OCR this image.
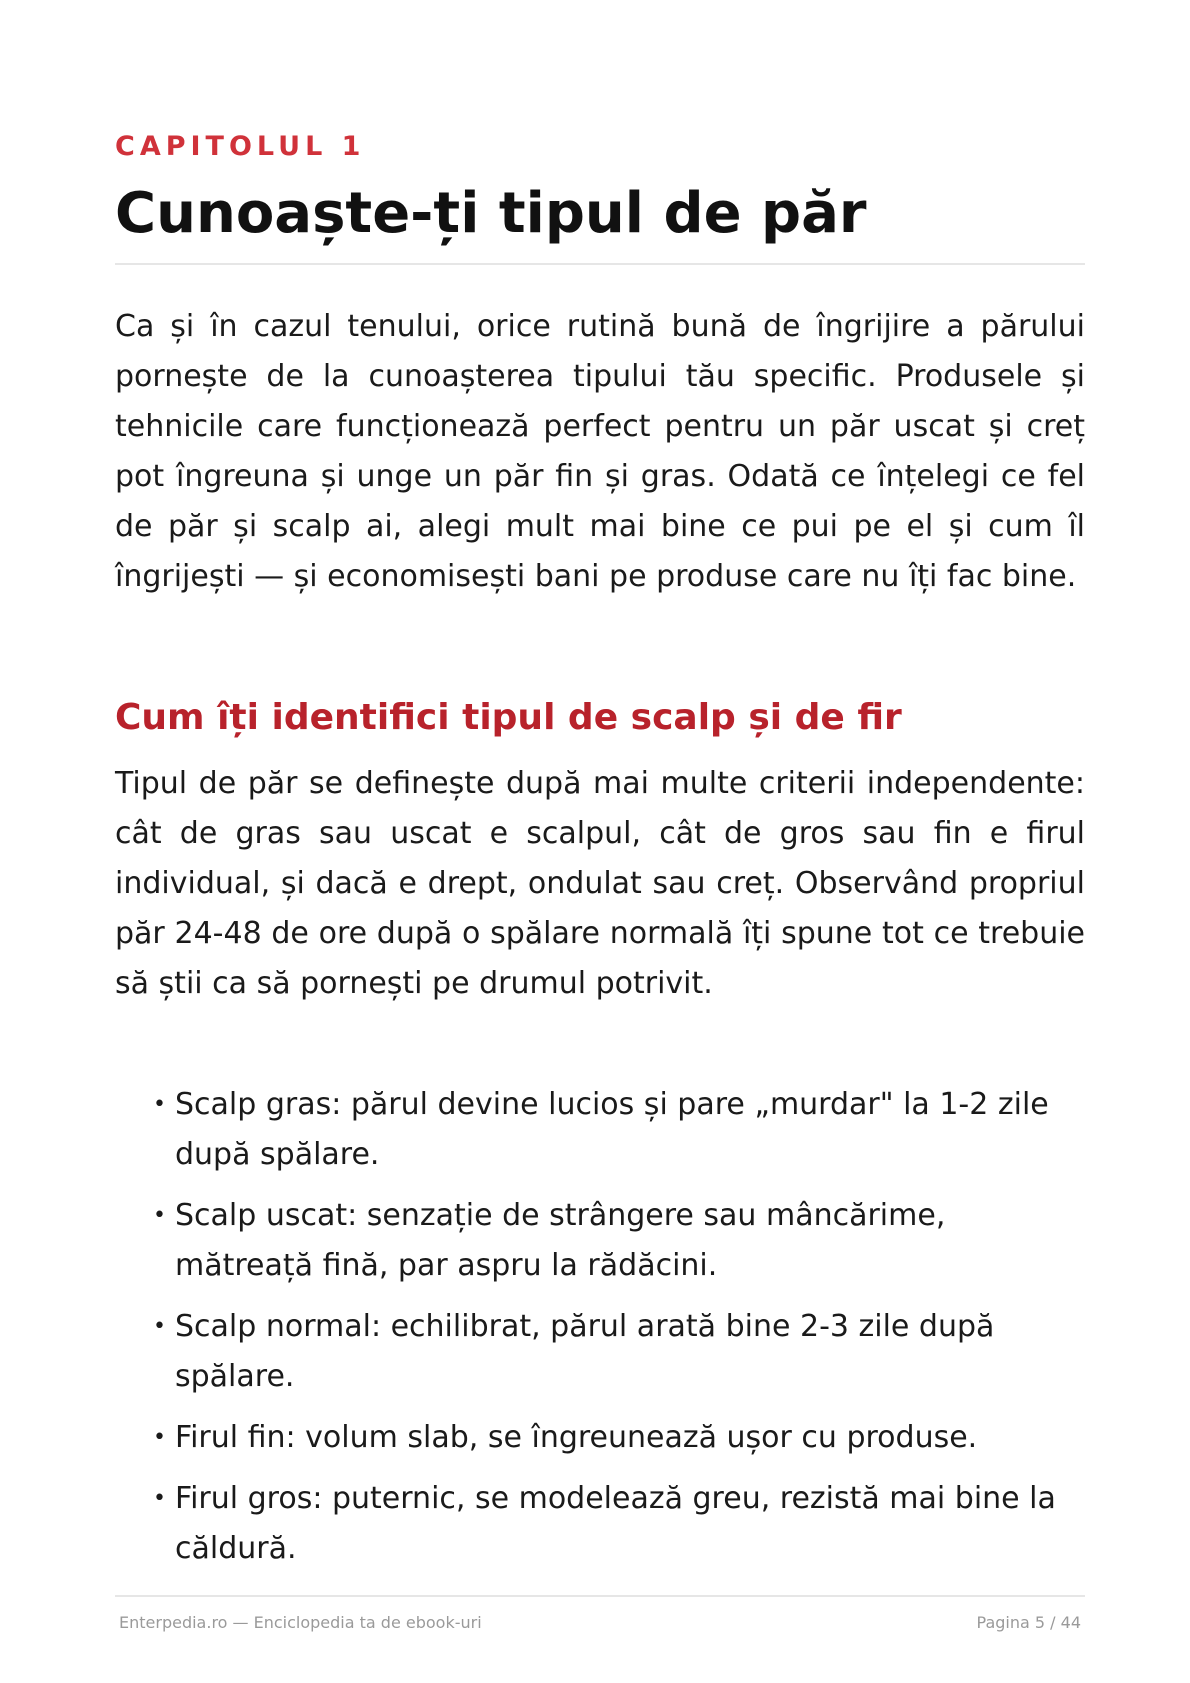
CAPITOLUL 1
Cunoaște-ți tipul de păr

Ca și în cazul tenului, orice rutină bună de îngrijire a părului pornește de la cunoașterea tipului tău specific. Produsele și tehnicile care funcționează perfect pentru un păr uscat și creț pot îngreuna și unge un păr fin și gras. Odată ce înțelegi ce fel de păr și scalp ai, alegi mult mai bine ce pui pe el și cum îl îngrijești — și economisești bani pe produse care nu îți fac bine.

Cum îți identifici tipul de scalp și de fir

Tipul de păr se definește după mai multe criterii independente: cât de gras sau uscat e scalpul, cât de gros sau fin e firul individual, și dacă e drept, ondulat sau creț. Observând propriul păr 24-48 de ore după o spălare normală îți spune tot ce trebuie să știi ca să pornești pe drumul potrivit.

• Scalp gras: părul devine lucios și pare „murdar" la 1-2 zile după spălare.
• Scalp uscat: senzație de strângere sau mâncărime, mătreață fină, par aspru la rădăcini.
• Scalp normal: echilibrat, părul arată bine 2-3 zile după spălare.
• Firul fin: volum slab, se îngreunează ușor cu produse.
• Firul gros: puternic, se modelează greu, rezistă mai bine la căldură.
Enterpedia.ro — Enciclopedia ta de ebook-uri	Pagina 5 / 44
